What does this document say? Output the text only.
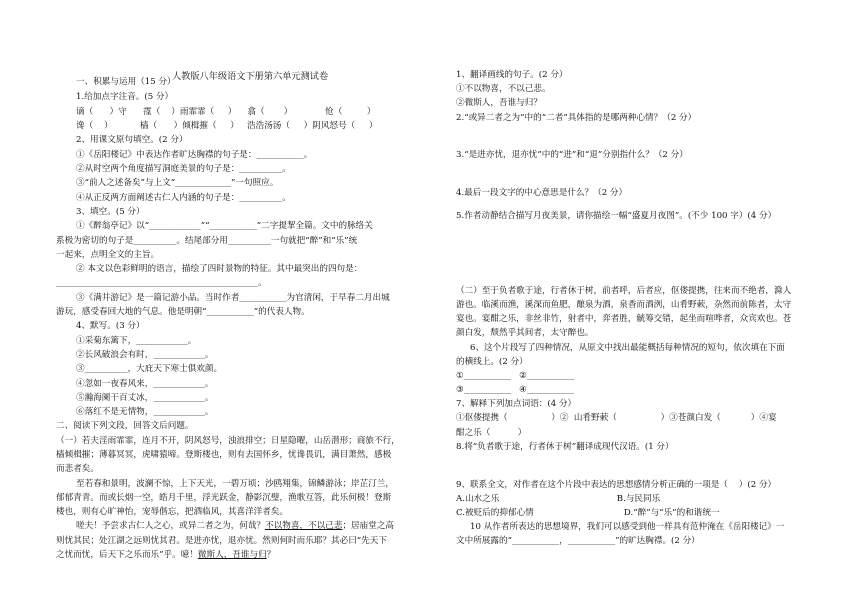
人教版八年级语文下册第六单元测试卷
一、积累与运用（15 分）
1.给加点字注音。(5 分）
谪（      ）守      霪（    ）雨霏霏（     ）    翕（       ）            怆（         ）
谗（    ）          樯（      ）倾楫摧（     ）   浩浩汤汤（     ）阴风怒号（     ）
2、用课文原句填空。(2 分）
①《岳阳楼记》中表达作者旷达胸襟的句子是：___________。
②从时空两个角度描写洞庭美景的句子是：__________。
③“前人之述备矣”与上文“_____________”一句照应。
④从正反两方面阐述古仁人内涵的句子是：__________。
3、填空。(5 分）
①《醉翁亭记》以“____________”“___________”二字提挈全篇。文中的脉络关
系极为密切的句子是__________。结尾部分用__________一句就把“醉”和“乐”统
一起来，点明全文的主旨。
② 本文以色彩鲜明的语言，描绘了四时景物的特征。其中最突出的四句是：
_______________________________________________。
③《满井游记》是一篇记游小品。当时作者___________为官清闲，于早春二月出城
游玩，感受春回大地的气息。他是明朝“___________”的代表人物。
4、默写。(3 分）
①采菊东篱下，____________。
②长风破浪会有时，____________。
③__________，大庇天下寒士俱欢颜。
④忽如一夜春风来，____________。
⑤瀚海阑干百丈冰，____________。
⑥落红不是无情物，____________。
二、阅读下列文段，回答文后问题。
（一）若夫淫雨霏霏，连月不开，阴风怒号，浊浪排空；日星隐曜，山岳潜形；商旅不行，
樯倾楫摧；薄暮冥冥，虎啸猿啼。登斯楼也，则有去国怀乡，忧谗畏讥，满目萧然，感极
而悲者矣。
至若春和景明，波澜不惊，上下天光，一碧万顷；沙鸥翔集，锦鳞游泳；岸芷汀兰，
郁郁青青。而或长烟一空，皓月千里，浮光跃金，静影沉璧，渔歌互答，此乐何极！登斯
楼也，则有心旷神怡，宠辱偕忘，把酒临风，其喜洋洋者矣。
嗟夫！予尝求古仁人之心，或异二者之为，何哉？不以物喜，不以己悲；居庙堂之高
则忧其民；处江湖之远则忧其君。是进亦忧，退亦忧。然则何时而乐耶？其必曰“先天下
之忧而忧，后天下之乐而乐”乎。噫！微斯人，吾谁与归？
1、翻译画线的句子。(2 分）
①不以物喜，不以己悲。
②微斯人，吾谁与归？
2.“或异二者之为”中的“二者”具体指的是哪两种心情？（2 分）
3.“是进亦忧，退亦忧”中的“进”和“退”分别指什么？（2 分）
4.最后一段文字的中心意思是什么？（2 分）
5.作者动静结合描写月夜美景，请你描绘一幅“盛夏月夜图”。(不少 100 字）(4 分）
（二）至于负者歌于途，行者休于树，前者呼，后者应，伛偻提携，往来而不绝者，滁人
游也。临溪而渔，溪深而鱼肥，酿泉为酒，泉香而酒洌，山肴野蔌，杂然而前陈者，太守
宴也。宴酣之乐，非丝非竹，射者中，弈者胜，觥筹交错，起坐而喧哗者，众宾欢也。苍
颜白发，颓然乎其间者，太守醉也。
6、这个片段写了四种情况，从原文中找出最能概括每种情况的短句，依次填在下面
的横线上。(2 分）
①___________   ②___________
③___________   ④___________
7、解释下列加点词语：(4 分）
①伛偻提携（                ）②  山肴野蔌（                ）③苍颜白发（           ）④宴
酣之乐（          ）
8.将“负者歌于途，行者休于树”翻译成现代汉语。(1 分）
9、联系全文，对作者在这个片段中表达的思想感情分析正确的一项是（    ）(2 分）
A.山水之乐                                           B.与民同乐
C.被贬后的抑郁心情                                 D.“醉”与“乐”的和谐统一
10 从作者所表达的思想境界，我们可以感受到他一样具有范仲淹在《岳阳楼记》一
文中所展露的“___________，___________”的旷达胸襟。(2 分）
